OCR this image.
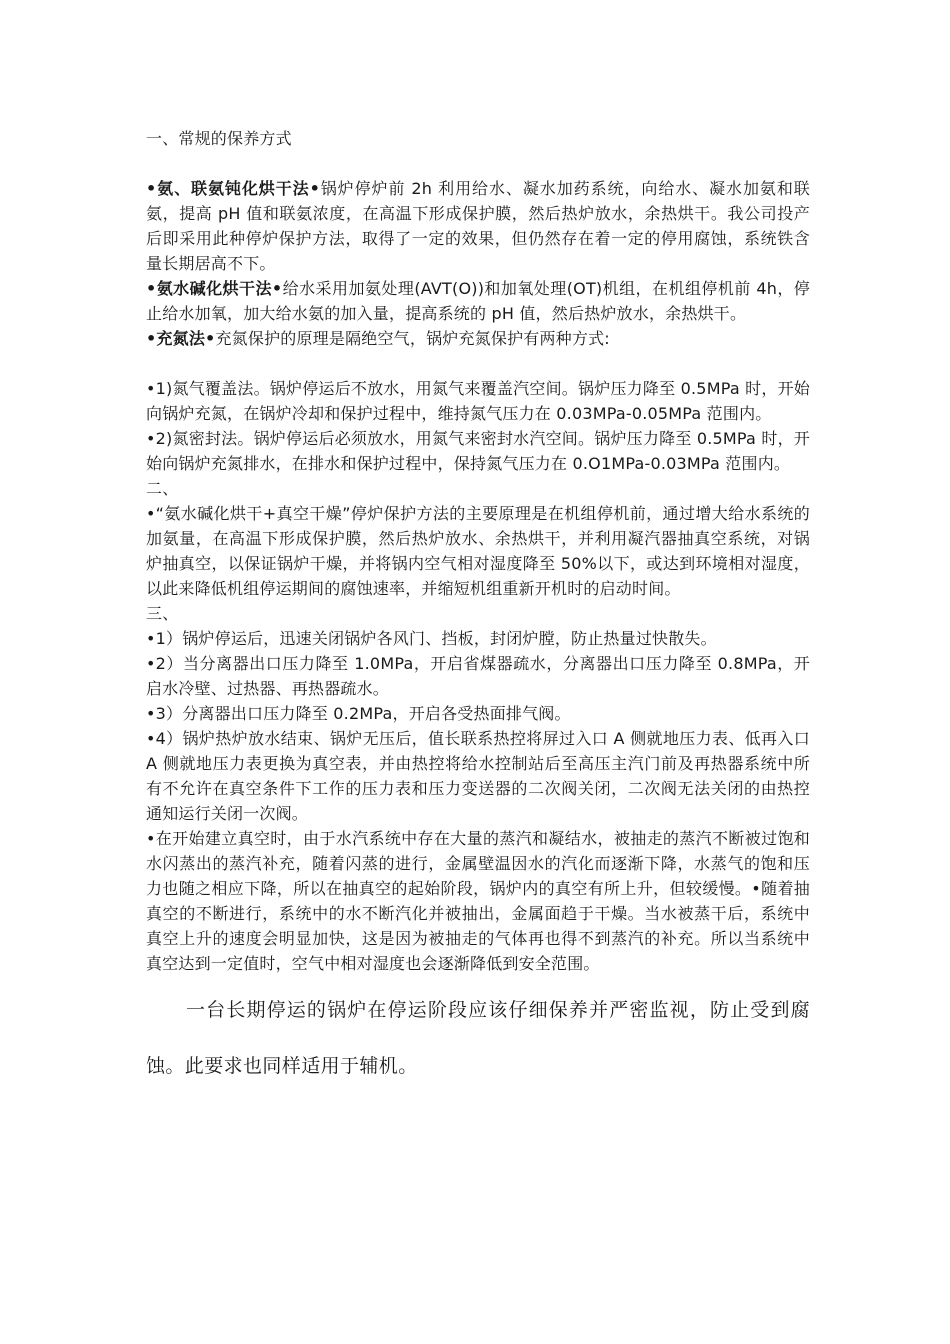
一、常规的保养方式

•氨、联氨钝化烘干法•锅炉停炉前 2h 利用给水、凝水加药系统，向给水、凝水加氨和联氨，提高 pH 值和联氨浓度，在高温下形成保护膜，然后热炉放水，余热烘干。我公司投产后即采用此种停炉保护方法，取得了一定的效果，但仍然存在着一定的停用腐蚀，系统铁含量长期居高不下。

•氨水碱化烘干法•给水采用加氨处理(AVT(O))和加氧处理(OT)机组，在机组停机前 4h，停止给水加氧，加大给水氨的加入量，提高系统的 pH 值，然后热炉放水，余热烘干。

•充氮法•充氮保护的原理是隔绝空气，锅炉充氮保护有两种方式:

•1)氮气覆盖法。锅炉停运后不放水，用氮气来覆盖汽空间。锅炉压力降至 0.5MPa 时，开始向锅炉充氮，在锅炉冷却和保护过程中，维持氮气压力在 0.03MPa-0.05MPa 范围内。

•2)氮密封法。锅炉停运后必须放水，用氮气来密封水汽空间。锅炉压力降至 0.5MPa 时，开始向锅炉充氮排水，在排水和保护过程中，保持氮气压力在 0.O1MPa-0.03MPa 范围内。

二、

•“氨水碱化烘干+真空干燥”停炉保护方法的主要原理是在机组停机前，通过增大给水系统的加氨量，在高温下形成保护膜，然后热炉放水、余热烘干，并利用凝汽器抽真空系统，对锅炉抽真空，以保证锅炉干燥，并将锅内空气相对湿度降至 50%以下，或达到环境相对湿度，以此来降低机组停运期间的腐蚀速率，并缩短机组重新开机时的启动时间。

三、

•1）锅炉停运后，迅速关闭锅炉各风门、挡板，封闭炉膛，防止热量过快散失。

•2）当分离器出口压力降至 1.0MPa，开启省煤器疏水，分离器出口压力降至 0.8MPa，开启水冷壁、过热器、再热器疏水。

•3）分离器出口压力降至 0.2MPa，开启各受热面排气阀。

•4）锅炉热炉放水结束、锅炉无压后，值长联系热控将屏过入口 A 侧就地压力表、低再入口 A 侧就地压力表更换为真空表，并由热控将给水控制站后至高压主汽门前及再热器系统中所有不允许在真空条件下工作的压力表和压力变送器的二次阀关闭，二次阀无法关闭的由热控通知运行关闭一次阀。

•在开始建立真空时，由于水汽系统中存在大量的蒸汽和凝结水，被抽走的蒸汽不断被过饱和水闪蒸出的蒸汽补充，随着闪蒸的进行，金属壁温因水的汽化而逐渐下降，水蒸气的饱和压力也随之相应下降，所以在抽真空的起始阶段，锅炉内的真空有所上升，但较缓慢。•随着抽真空的不断进行，系统中的水不断汽化并被抽出，金属面趋于干燥。当水被蒸干后，系统中真空上升的速度会明显加快，这是因为被抽走的气体再也得不到蒸汽的补充。所以当系统中真空达到一定值时，空气中相对湿度也会逐渐降低到安全范围。

一台长期停运的锅炉在停运阶段应该仔细保养并严密监视，防止受到腐蚀。此要求也同样适用于辅机。
